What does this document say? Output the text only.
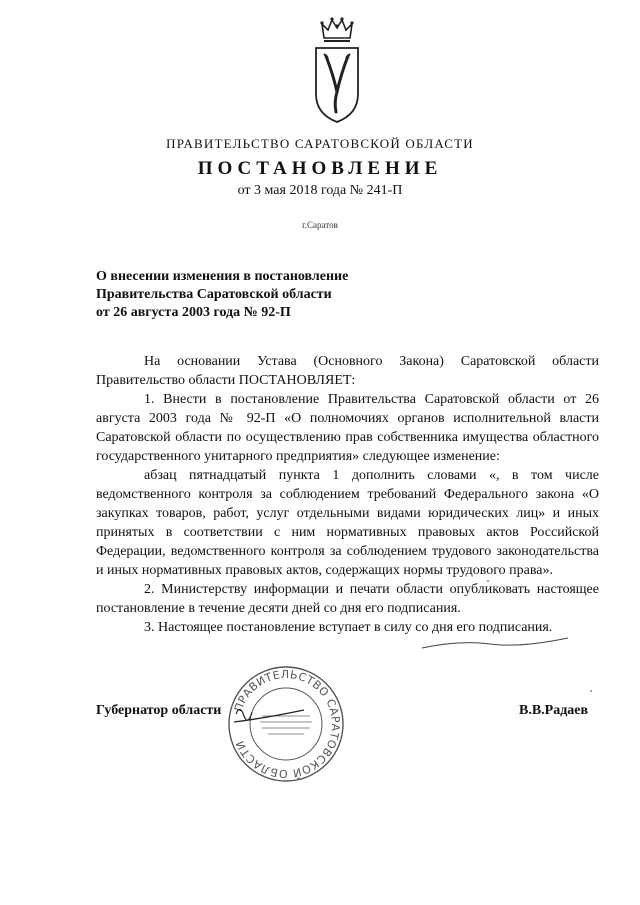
ПРАВИТЕЛЬСТВО САРАТОВСКОЙ ОБЛАСТИ
ПОСТАНОВЛЕНИЕ
от 3 мая 2018 года № 241-П
г.Саратов
О внесении изменения в постановление
Правительства Саратовской области
от 26 августа 2003 года № 92-П

На основании Устава (Основного Закона) Саратовской области Правительство области ПОСТАНОВЛЯЕТ:

1. Внести в постановление Правительства Саратовской области от 26 августа 2003 года № 92-П «О полномочиях органов исполнительной власти Саратовской области по осуществлению прав собственника имущества областного государственного унитарного предприятия» следующее изменение:

абзац пятнадцатый пункта 1 дополнить словами «, в том числе ведомственного контроля за соблюдением требований Федерального закона «О закупках товаров, работ, услуг отдельными видами юридических лиц» и иных принятых в соответствии с ним нормативных правовых актов Российской Федерации, ведомственного контроля за соблюдением трудового законодательства и иных нормативных правовых актов, содержащих нормы трудового права».

2. Министерству информации и печати области опубликовать настоящее постановление в течение десяти дней со дня его подписания.

3. Настоящее постановление вступает в силу со дня его подписания.

Губернатор области	В.В.Радаев
ПРАВИТЕЛЬСТВО САРАТОВСКОЙ ОБЛАСТИ
